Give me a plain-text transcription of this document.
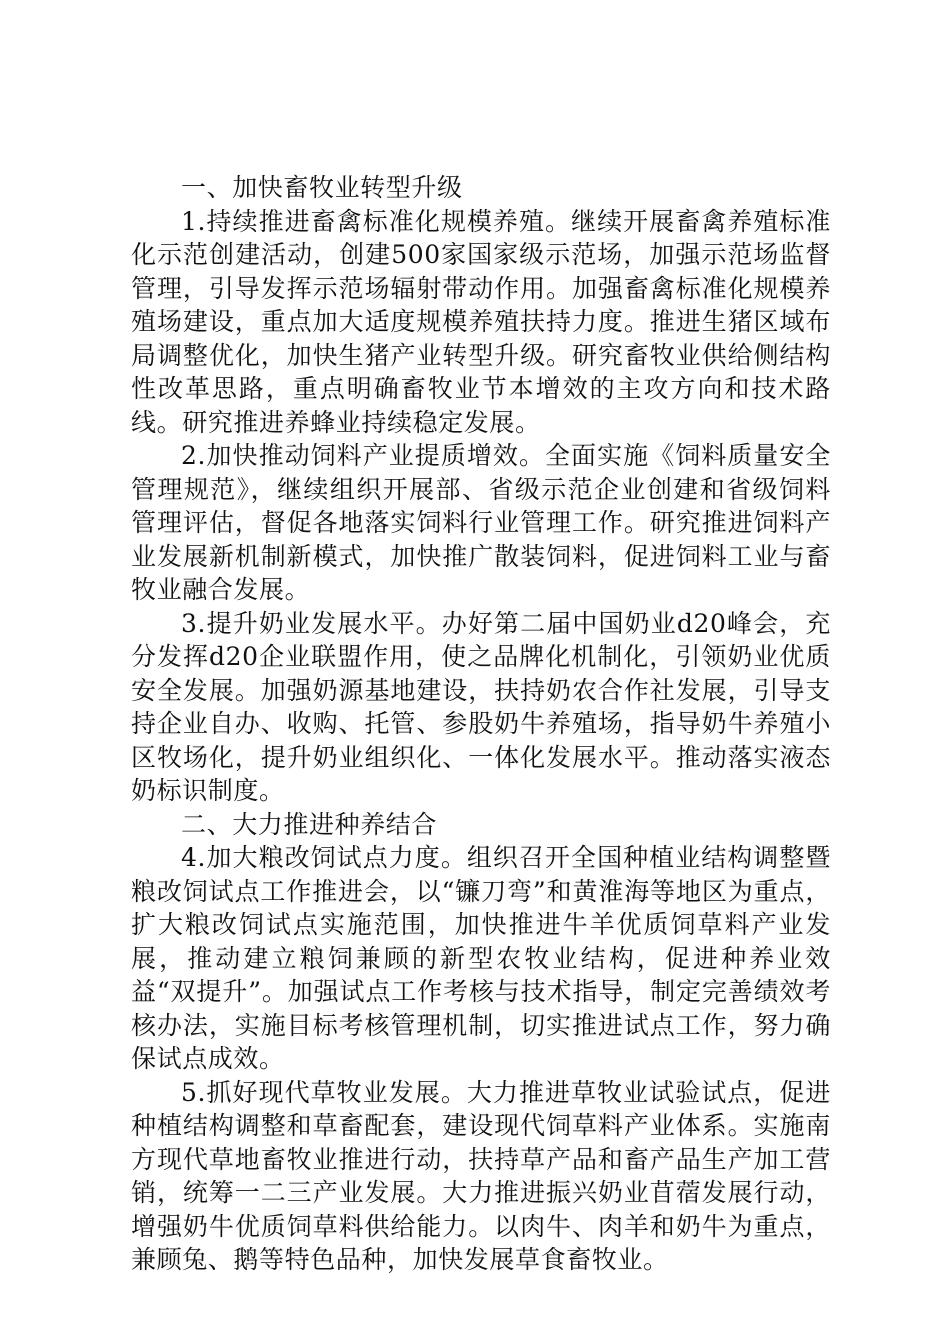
一、加快畜牧业转型升级

1.持续推进畜禽标准化规模养殖。继续开展畜禽养殖标准化示范创建活动，创建500家国家级示范场，加强示范场监督管理，引导发挥示范场辐射带动作用。加强畜禽标准化规模养殖场建设，重点加大适度规模养殖扶持力度。推进生猪区域布局调整优化，加快生猪产业转型升级。研究畜牧业供给侧结构性改革思路，重点明确畜牧业节本增效的主攻方向和技术路线。研究推进养蜂业持续稳定发展。

2.加快推动饲料产业提质增效。全面实施《饲料质量安全管理规范》，继续组织开展部、省级示范企业创建和省级饲料管理评估，督促各地落实饲料行业管理工作。研究推进饲料产业发展新机制新模式，加快推广散装饲料，促进饲料工业与畜牧业融合发展。

3.提升奶业发展水平。办好第二届中国奶业d20峰会，充分发挥d20企业联盟作用，使之品牌化机制化，引领奶业优质安全发展。加强奶源基地建设，扶持奶农合作社发展，引导支持企业自办、收购、托管、参股奶牛养殖场，指导奶牛养殖小区牧场化，提升奶业组织化、一体化发展水平。推动落实液态奶标识制度。

二、大力推进种养结合

4.加大粮改饲试点力度。组织召开全国种植业结构调整暨粮改饲试点工作推进会，以“镰刀弯”和黄淮海等地区为重点，扩大粮改饲试点实施范围，加快推进牛羊优质饲草料产业发展，推动建立粮饲兼顾的新型农牧业结构，促进种养业效益“双提升”。加强试点工作考核与技术指导，制定完善绩效考核办法，实施目标考核管理机制，切实推进试点工作，努力确保试点成效。

5.抓好现代草牧业发展。大力推进草牧业试验试点，促进种植结构调整和草畜配套，建设现代饲草料产业体系。实施南方现代草地畜牧业推进行动，扶持草产品和畜产品生产加工营销，统筹一二三产业发展。大力推进振兴奶业苜蓿发展行动，增强奶牛优质饲草料供给能力。以肉牛、肉羊和奶牛为重点，兼顾兔、鹅等特色品种，加快发展草食畜牧业。
